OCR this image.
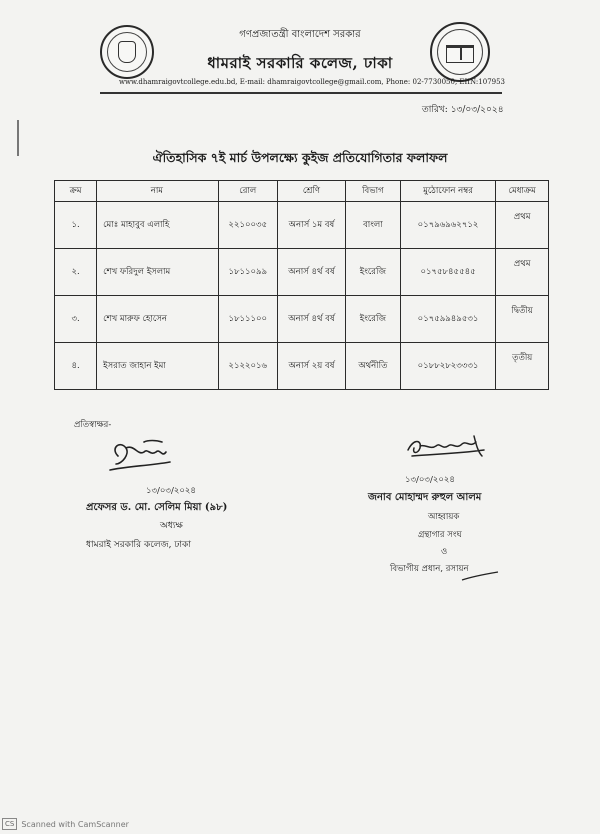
গণপ্রজাতন্ত্রী বাংলাদেশ সরকার
ধামরাই সরকারি কলেজ, ঢাকা
www.dhamraigovtcollege.edu.bd, E-mail: dhamraigovtcollege@gmail.com, Phone: 02-7730050, EIIN:107953
তারিখ: ১৩/০৩/২০২৪
ঐতিহাসিক ৭ই মার্চ উপলক্ষ্যে কুইজ প্রতিযোগিতার ফলাফল
ক্রম	নাম	রোল	শ্রেণি	বিভাগ	মুঠোফোন নম্বর	মেধাক্রম
১.	মোঃ মাহাবুব এলাহি	২২১০০৩৫	অনার্স ১ম বর্ষ	বাংলা	০১৭৯৬৯৬২৭১২	প্রথম
২.	শেখ ফরিদুল ইসলাম	১৮১১০৯৯	অনার্স ৪র্থ বর্ষ	ইংরেজি	০১৭৫৮৪৫৫৪৫	প্রথম
৩.	শেখ মারুফ হোসেন	১৮১১১০০	অনার্স ৪র্থ বর্ষ	ইংরেজি	০১৭৫৯৯৪৯৫৩১	দ্বিতীয়
৪.	ইসরাত জাহান ইমা	২১২২০১৬	অনার্স ২য় বর্ষ	অর্থনীতি	০১৮৮২৮২৩৩৩১	তৃতীয়
প্রতিস্বাক্ষর-
১৩/০৩/২০২৪
প্রফেসর ড. মো. সেলিম মিয়া (৯৮)
অধ্যক্ষ
ধামরাই সরকারি কলেজ, ঢাকা
১৩/০৩/২০২৪
জনাব মোহাম্মদ রুহুল আলম
আহ্বায়ক
গ্রন্থাগার সংঘ
ও
বিভাগীয় প্রধান, রসায়ন
CS Scanned with CamScanner
